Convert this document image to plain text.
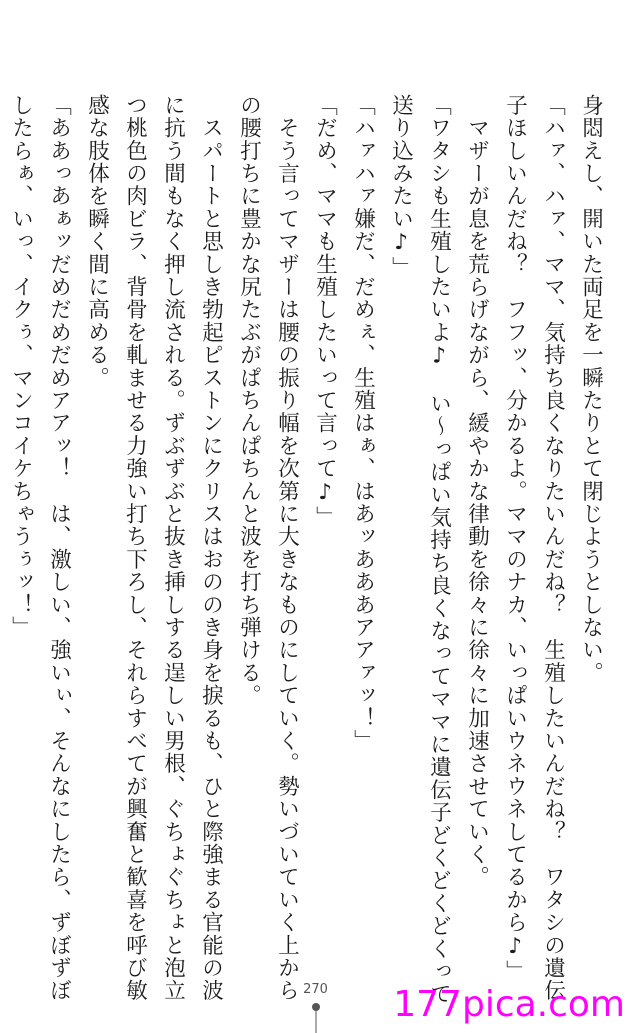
身悶えし、開いた両足を一瞬たりとて閉じようとしない。
「ハァ、ハァ、ママ、気持ち良くなりたいんだね？　生殖したいんだね？　ワタシの遺伝
子ほしいんだね？　フフッ、分かるよ。ママのナカ、いっぱいウネウネしてるから♪」
　マザーが息を荒らげながら、緩やかな律動を徐々に徐々に加速させていく。
「ワタシも生殖したいよ♪　い～っぱい気持ち良くなってママに遺伝子どくどくどくって
送り込みたい♪」
「ハァハァ嫌だ、だめぇ、生殖はぁ、はあッあああアアァッ！」
「だめ、ママも生殖したいって言って♪」
　そう言ってマザーは腰の振り幅を次第に大きなものにしていく。勢いづいていく上から
の腰打ちに豊かな尻たぶがぱちんぱちんと波を打ち弾ける。
　スパートと思しき勃起ピストンにクリスはおののき身を捩るも、ひと際強まる官能の波
に抗う間もなく押し流される。ずぶずぶと抜き挿しする逞しい男根、ぐちょぐちょと泡立
つ桃色の肉ビラ、背骨を軋ませる力強い打ち下ろし、それらすべてが興奮と歓喜を呼び敏
感な肢体を瞬く間に高める。
「ああっあぁッだめだめだめアアッ！　は、激しい、強いぃ、そんなにしたら、ずぼずぼ
したらぁ、いっ、イクぅ、マンコイケちゃうぅッ！」
270	177pica.com
